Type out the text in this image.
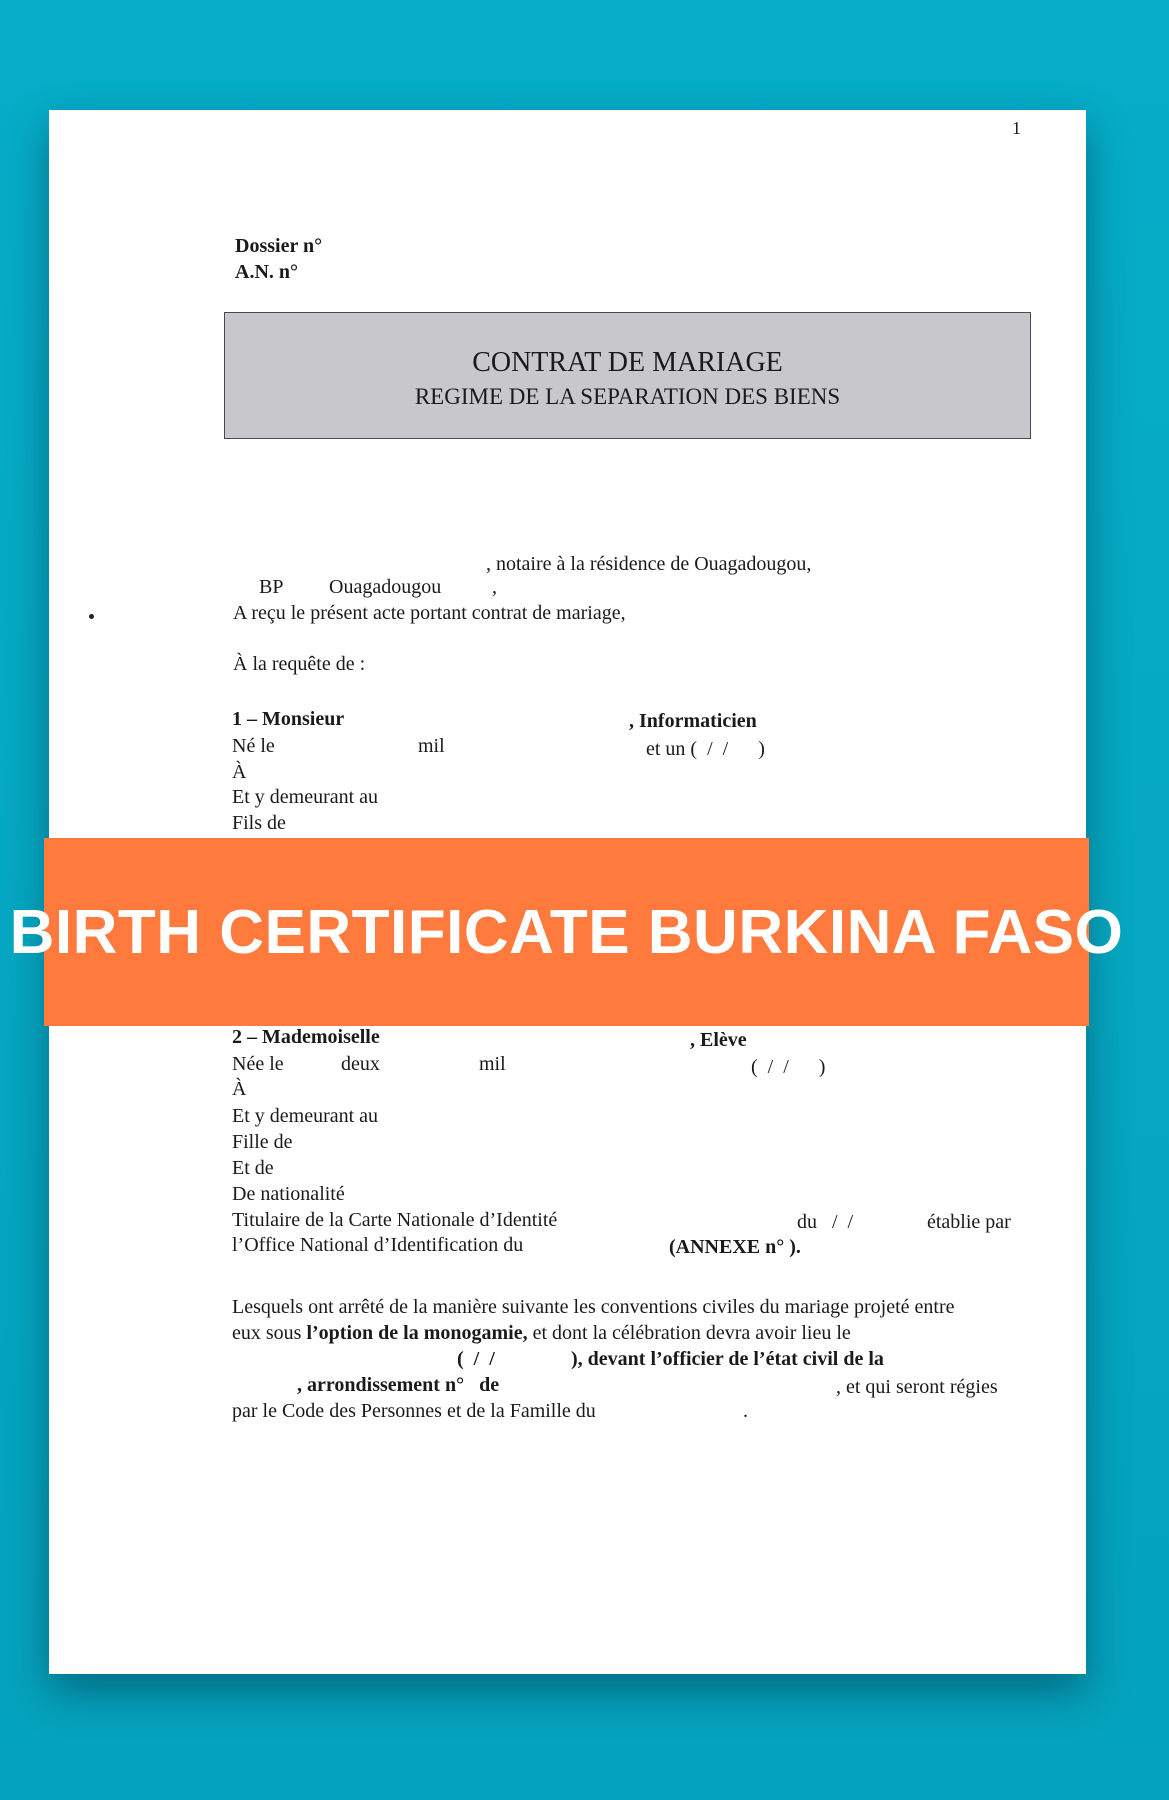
1
Dossier n°
A.N. n°
CONTRAT DE MARIAGE
REGIME DE LA SEPARATION DES BIENS
, notaire à la résidence de Ouagadougou,
BP Ouagadougou	,
A reçu le présent acte portant contrat de mariage,
À la requête de :
1 – Monsieur	, Informaticien
Né le	mil	et un (  /  /      )
À
Et y demeurant au
Fils de
2 – Mademoiselle	, Elève
Née le	deux	mil	(  /  /      )
À
Et y demeurant au
Fille de
Et de
De nationalité
Titulaire de la Carte Nationale d’Identité	du   /  /	établie par
l’Office National d’Identification du	(ANNEXE n° ).
Lesquels ont arrêté de la manière suivante les conventions civiles du mariage projeté entre
eux sous l’option de la monogamie, et dont la célébration devra avoir lieu le
(  /  /	), devant l’officier de l’état civil de la
, arrondissement n°   de	, et qui seront régies
par le Code des Personnes et de la Famille du	.
BIRTH CERTIFICATE BURKINA FASO
